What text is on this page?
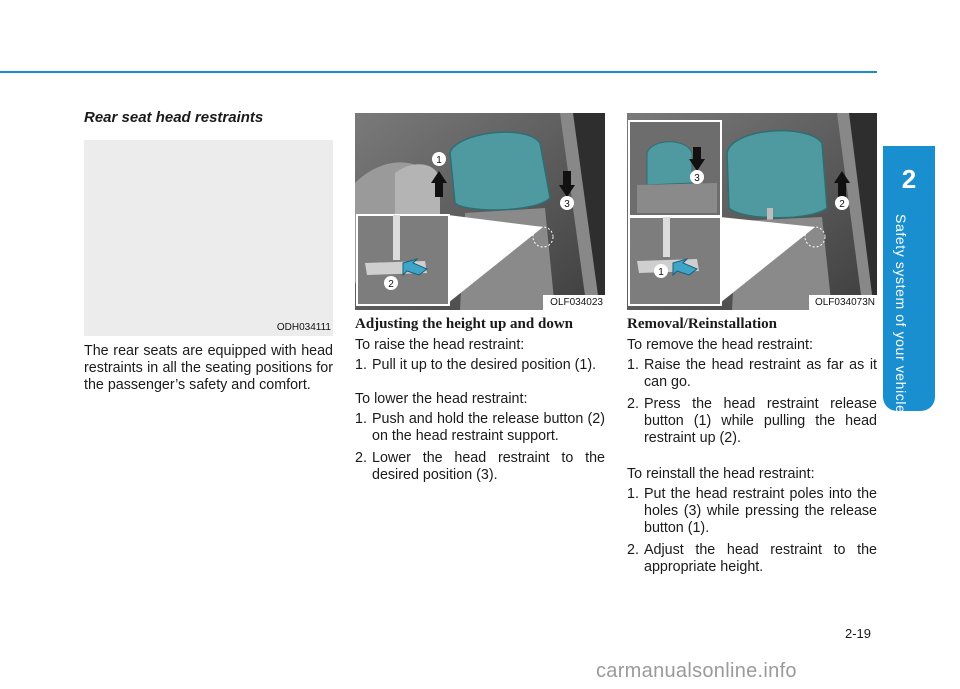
2
Safety system of your vehicle
Rear seat head restraints
ODH034111
The rear seats are equipped with head restraints in all the seating positions for the passenger’s safety and comfort.
1
3
2
OLF034023
3
2
1
OLF034073N
Adjusting the height up and down
To raise the head restraint:
1. Pull it up to the desired position (1).
To lower the head restraint:
1. Push and hold the release button (2) on the head restraint support.
2. Lower the head restraint to the desired position (3).
Removal/Reinstallation
To remove the head restraint:
1. Raise the head restraint as far as it can go.
2. Press the head restraint release button (1) while pulling the head restraint up (2).
To reinstall the head restraint:
1. Put the head restraint poles into the holes (3) while pressing the release button (1).
2. Adjust the head restraint to the appropriate height.
2-19
carmanualsonline.info
